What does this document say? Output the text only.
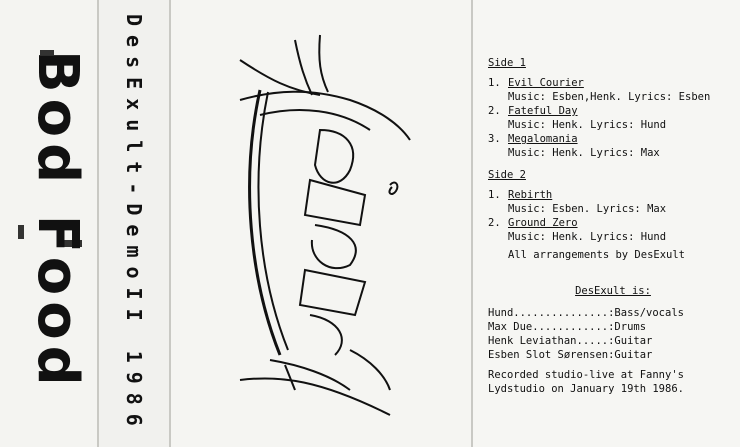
Bod Food DesExult-DemoII 1986	Side 1

1. Evil Courier

Music: Esben,Henk. Lyrics: Esben

2. Fateful Day

Music: Henk. Lyrics: Hund

3. Megalomania

Music: Henk. Lyrics: Max

Side 2

1. Rebirth

Music: Esben. Lyrics: Max

2. Ground Zero

Music: Henk. Lyrics: Hund

All arrangements by DesExult

DesExult is:

Hund...............:Bass/vocals

Max Due............:Drums

Henk Leviathan.....:Guitar

Esben Slot Sørensen:Guitar

Recorded studio-live at Fanny's

Lydstudio on January 19th 1986.
